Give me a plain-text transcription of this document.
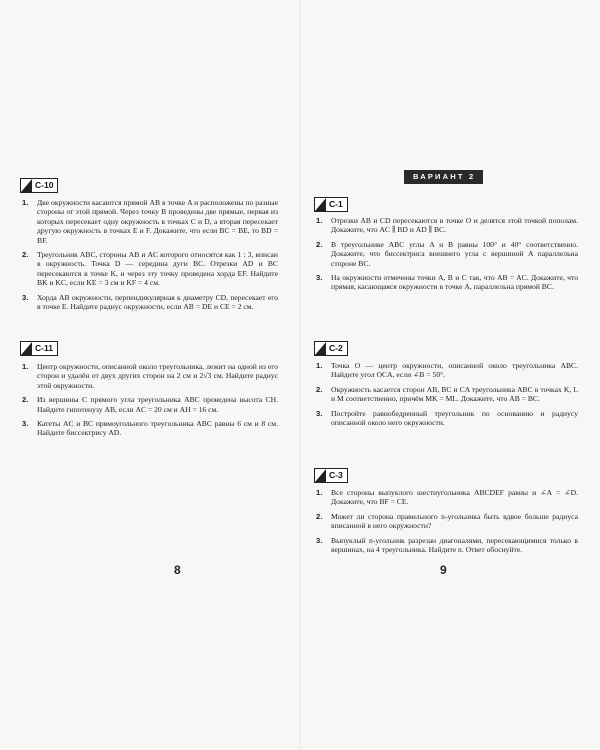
C-10
1. Две окружности касаются прямой AB в точке A и расположены по разные стороны от этой прямой. Через точку B проведены две прямые, первая из которых пересекает одну окружность в точках C и D, а вторая пересекает другую окружность в точках E и F. Докажите, что если BC = BE, то BD = BF.
2. Треугольник ABC, стороны AB и AC которого относятся как 1 : 3, вписан в окружность. Точка D — середина дуги BC. Отрезки AD и BC пересекаются в точке K, и через эту точку проведена хорда EF. Найдите BK и KC, если KE = 3 см и KF = 4 см.
3. Хорда AB окружности, перпендикулярная к диаметру CD, пересекает его в точке E. Найдите радиус окружности, если AB = DE и CE = 2 см.
C-11
1. Центр окружности, описанной около треугольника, лежит на одной из его сторон и удалён от двух других сторон на 2 см и 2√3 см. Найдите радиус этой окружности.
2. Из вершины C прямого угла треугольника ABC проведена высота CH. Найдите гипотенузу AB, если AC = 20 см и AH = 16 см.
3. Катеты AC и BC прямоугольного треугольника ABC равны 6 см и 8 см. Найдите биссектрису AD.
8
ВАРИАНТ 2
C-1
1. Отрезки AB и CD пересекаются в точке O и делятся этой точкой пополам. Докажите, что AC ∥ BD и AD ∥ BC.
2. В треугольнике ABC углы A и B равны 100° и 40° соответственно. Докажите, что биссектриса внешнего угла с вершиной A параллельна стороне BC.
3. На окружности отмечены точки A, B и C так, что AB = AC. Докажите, что прямая, касающаяся окружности в точке A, параллельна прямой BC.
C-2
1. Точка O — центр окружности, описанной около треугольника ABC. Найдите угол OCA, если ∠B = 50°.
2. Окружность касается сторон AB, BC и CA треугольника ABC в точках K, L и M соответственно, причём MK = ML. Докажите, что AB = BC.
3. Постройте равнобедренный треугольник по основанию и радиусу описанной около него окружности.
C-3
1. Все стороны выпуклого шестиугольника ABCDEF равны и ∠A = ∠D. Докажите, что BF = CE.
2. Может ли сторона правильного n-угольника быть вдвое больше радиуса вписанной в него окружности?
3. Выпуклый n-угольник разрезан диагоналями, пересекающимися только в вершинах, на 4 треугольника. Найдите n. Ответ обоснуйте.
9
